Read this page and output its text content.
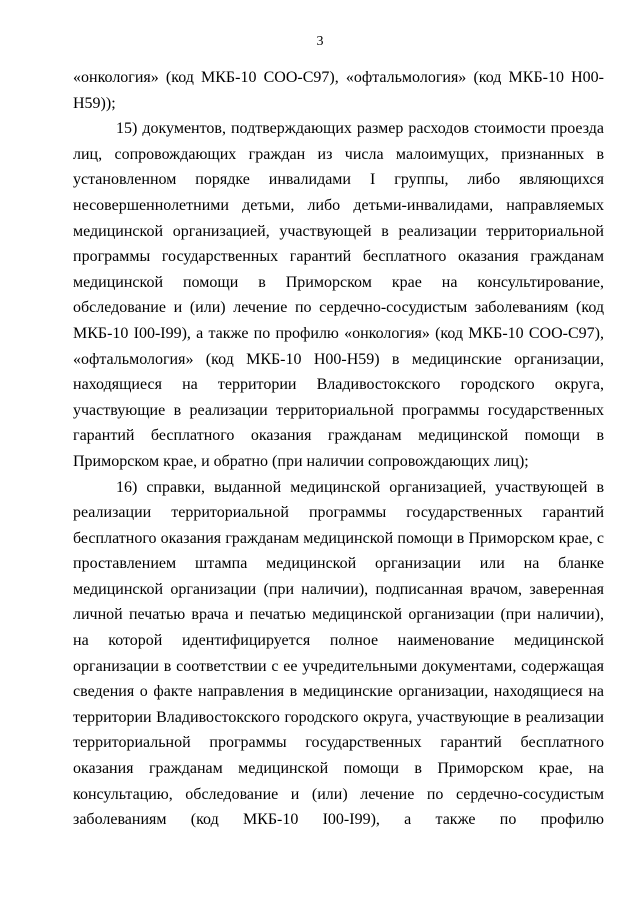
3

«онкология» (код МКБ-10 СОО-С97), «офтальмология» (код МКБ-10 Н00-Н59));

15) документов, подтверждающих размер расходов стоимости проезда лиц, сопровождающих граждан из числа малоимущих, признанных в установленном порядке инвалидами I группы, либо являющихся несовершеннолетними детьми, либо детьми-инвалидами, направляемых медицинской организацией, участвующей в реализации территориальной программы государственных гарантий бесплатного оказания гражданам медицинской помощи в Приморском крае на консультирование, обследование и (или) лечение по сердечно-сосудистым заболеваниям (код МКБ-10 I00-I99), а также по профилю «онкология» (код МКБ-10 СОО-С97), «офтальмология» (код МКБ-10 Н00-Н59) в медицинские организации, находящиеся на территории Владивостокского городского округа, участвующие в реализации территориальной программы государственных гарантий бесплатного оказания гражданам медицинской помощи в Приморском крае, и обратно (при наличии сопровождающих лиц);

16) справки, выданной медицинской организацией, участвующей в реализации территориальной программы государственных гарантий бесплатного оказания гражданам медицинской помощи в Приморском крае, с проставлением штампа медицинской организации или на бланке медицинской организации (при наличии), подписанная врачом, заверенная личной печатью врача и печатью медицинской организации (при наличии), на которой идентифицируется полное наименование медицинской организации в соответствии с ее учредительными документами, содержащая сведения о факте направления в медицинские организации, находящиеся на территории Владивостокского городского округа, участвующие в реализации территориальной программы государственных гарантий бесплатного оказания гражданам медицинской помощи в Приморском крае, на консультацию, обследование и (или) лечение по сердечно-сосудистым заболеваниям (код МКБ-10 I00-I99), а также по профилю
